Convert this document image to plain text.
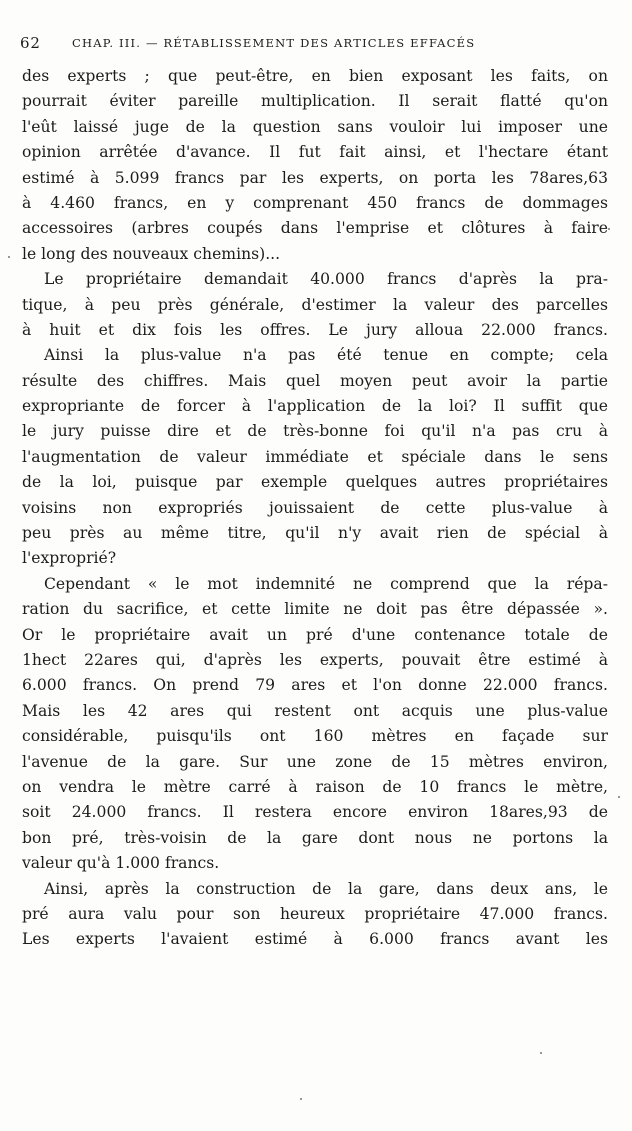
62	CHAP. III. — RÉTABLISSEMENT DES ARTICLES EFFACÉS
des experts ; que peut-être, en bien exposant les faits, on
pourrait éviter pareille multiplication. Il serait flatté qu'on
l'eût laissé juge de la question sans vouloir lui imposer une
opinion arrêtée d'avance. Il fut fait ainsi, et l'hectare étant
estimé à 5.099 francs par les experts, on porta les 78ares,63
à 4.460 francs, en y comprenant 450 francs de dommages
accessoires (arbres coupés dans l'emprise et clôtures à faire
le long des nouveaux chemins)...
Le propriétaire demandait 40.000 francs d'après la pra-
tique, à peu près générale, d'estimer la valeur des parcelles
à huit et dix fois les offres. Le jury alloua 22.000 francs.
Ainsi la plus-value n'a pas été tenue en compte; cela
résulte des chiffres. Mais quel moyen peut avoir la partie
expropriante de forcer à l'application de la loi? Il suffit que
le jury puisse dire et de très-bonne foi qu'il n'a pas cru à
l'augmentation de valeur immédiate et spéciale dans le sens
de la loi, puisque par exemple quelques autres propriétaires
voisins non expropriés jouissaient de cette plus-value à
peu près au même titre, qu'il n'y avait rien de spécial à
l'exproprié?
Cependant « le mot indemnité ne comprend que la répa-
ration du sacrifice, et cette limite ne doit pas être dépassée ».
Or le propriétaire avait un pré d'une contenance totale de
1hect 22ares qui, d'après les experts, pouvait être estimé à
6.000 francs. On prend 79 ares et l'on donne 22.000 francs.
Mais les 42 ares qui restent ont acquis une plus-value
considérable, puisqu'ils ont 160 mètres en façade sur
l'avenue de la gare. Sur une zone de 15 mètres environ,
on vendra le mètre carré à raison de 10 francs le mètre,
soit 24.000 francs. Il restera encore environ 18ares,93 de
bon pré, très-voisin de la gare dont nous ne portons la
valeur qu'à 1.000 francs.
Ainsi, après la construction de la gare, dans deux ans, le
pré aura valu pour son heureux propriétaire 47.000 francs.
Les experts l'avaient estimé à 6.000 francs avant les
